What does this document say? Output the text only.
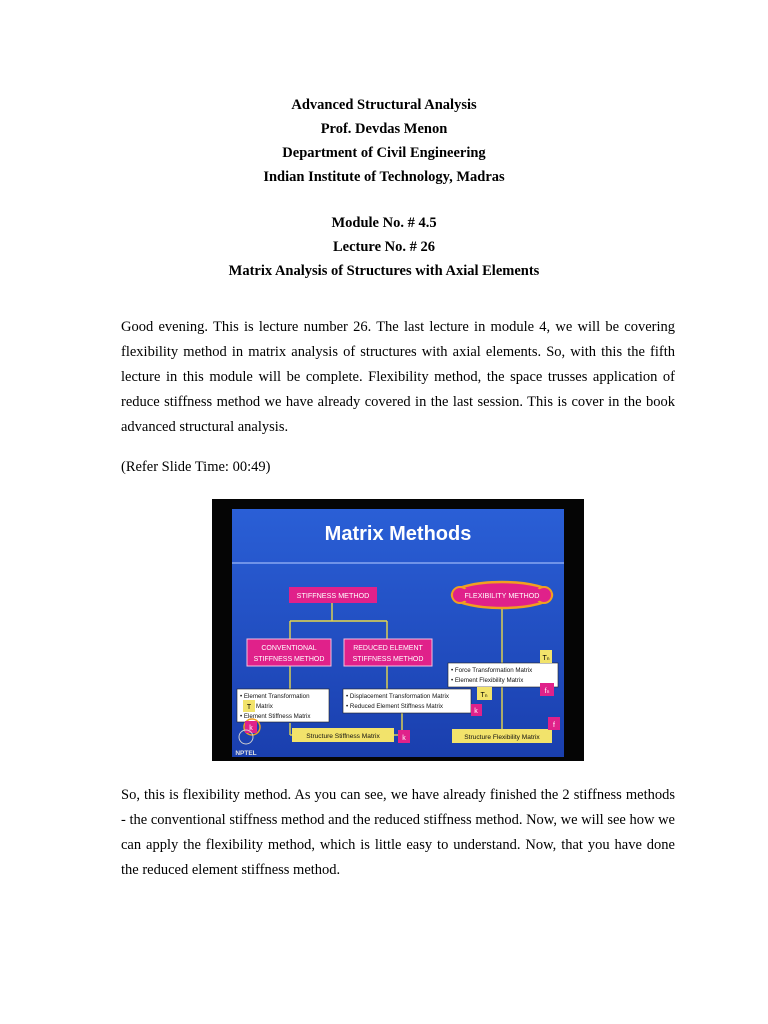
Advanced Structural Analysis
Prof. Devdas Menon
Department of Civil Engineering
Indian Institute of Technology, Madras
Module No. # 4.5
Lecture No. # 26
Matrix Analysis of Structures with Axial Elements

Good evening. This is lecture number 26. The last lecture in module 4, we will be covering flexibility method in matrix analysis of structures with axial elements. So, with this the fifth lecture in this module will be complete. Flexibility method, the space trusses application of reduce stiffness method we have already covered in the last session. This is cover in the book advanced structural analysis.

(Refer Slide Time: 00:49)
Matrix Methods
STIFFNESS METHOD	FLEXIBILITY METHOD
CONVENTIONAL
STIFFNESS METHOD
REDUCED ELEMENT
STIFFNESS METHOD
• Force Transformation Matrix
• Element Flexibility Matrix
Tₙ
fₙ
• Element Transformation
Matrix
• Element Stiffness Matrix
T
k
• Displacement Transformation Matrix
• Reduced Element Stiffness Matrix
Tₙ
k
Structure Stiffness Matrix	k	Structure Flexibility Matrix
f
NPTEL

So, this is flexibility method. As you can see, we have already finished the 2 stiffness methods - the conventional stiffness method and the reduced stiffness method. Now, we will see how we can apply the flexibility method, which is little easy to understand. Now, that you have done the reduced element stiffness method.
